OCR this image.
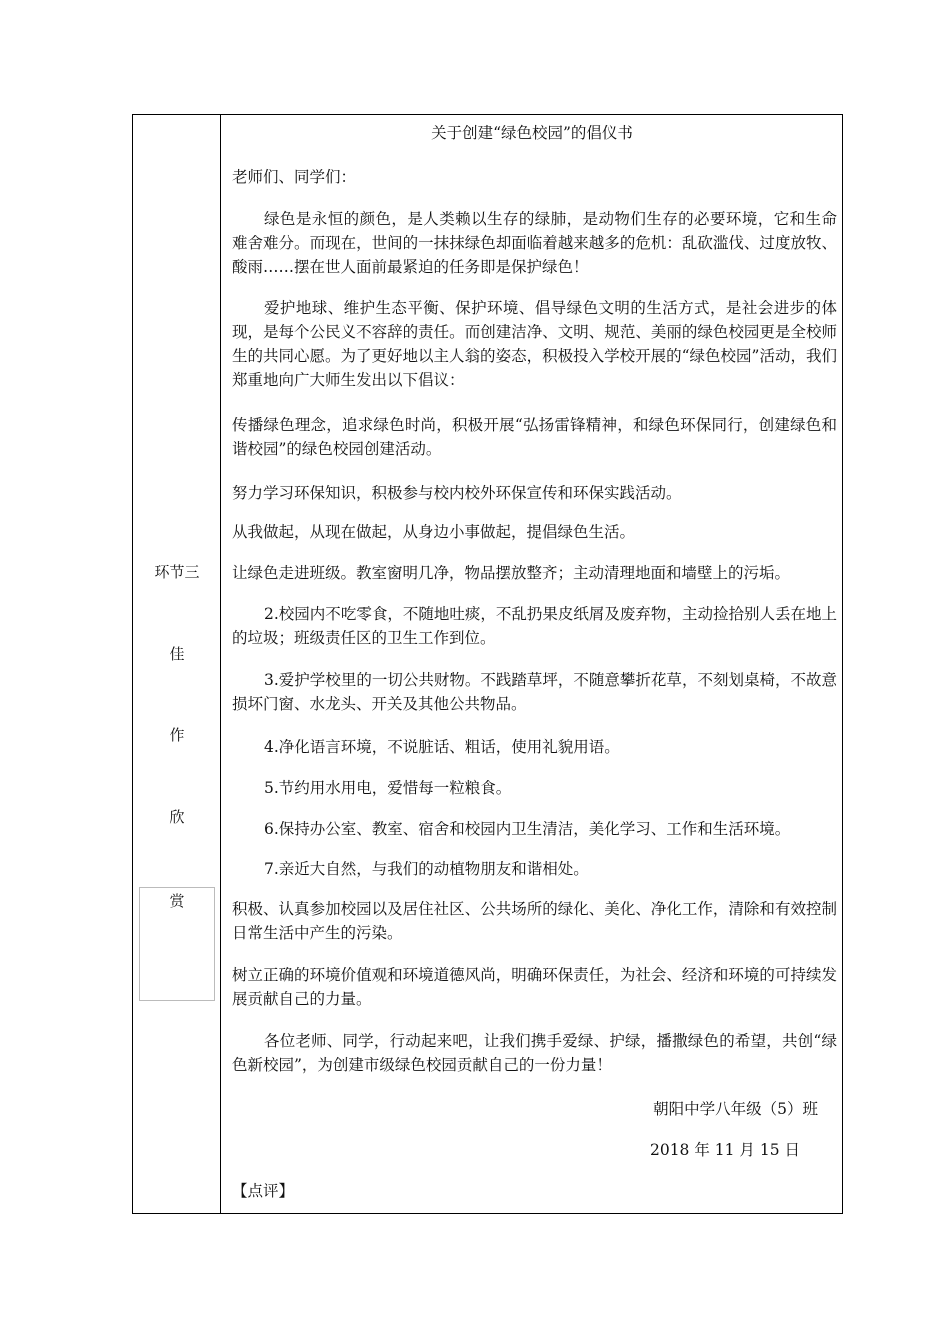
环节三
佳
作
欣
赏
关于创建“绿色校园”的倡仪书
老师们、同学们：
绿色是永恒的颜色，是人类赖以生存的绿肺，是动物们生存的必要环境，它和生命难舍难分。而现在，世间的一抹抹绿色却面临着越来越多的危机：乱砍滥伐、过度放牧、酸雨……摆在世人面前最紧迫的任务即是保护绿色！
爱护地球、维护生态平衡、保护环境、倡导绿色文明的生活方式，是社会进步的体现，是每个公民义不容辞的责任。而创建洁净、文明、规范、美丽的绿色校园更是全校师生的共同心愿。为了更好地以主人翁的姿态，积极投入学校开展的“绿色校园”活动，我们郑重地向广大师生发出以下倡议：
传播绿色理念，追求绿色时尚，积极开展“弘扬雷锋精神，和绿色环保同行，创建绿色和谐校园”的绿色校园创建活动。
努力学习环保知识，积极参与校内校外环保宣传和环保实践活动。
从我做起，从现在做起，从身边小事做起，提倡绿色生活。
让绿色走进班级。教室窗明几净，物品摆放整齐；主动清理地面和墙壁上的污垢。
2.校园内不吃零食，不随地吐痰，不乱扔果皮纸屑及废弃物，主动捡拾别人丢在地上的垃圾；班级责任区的卫生工作到位。
3.爱护学校里的一切公共财物。不践踏草坪，不随意攀折花草，不刻划桌椅，不故意损坏门窗、水龙头、开关及其他公共物品。
4.净化语言环境，不说脏话、粗话，使用礼貌用语。
5.节约用水用电，爱惜每一粒粮食。
6.保持办公室、教室、宿舍和校园内卫生清洁，美化学习、工作和生活环境。
7.亲近大自然，与我们的动植物朋友和谐相处。
积极、认真参加校园以及居住社区、公共场所的绿化、美化、净化工作，清除和有效控制日常生活中产生的污染。
树立正确的环境价值观和环境道德风尚，明确环保责任，为社会、经济和环境的可持续发展贡献自己的力量。
各位老师、同学，行动起来吧，让我们携手爱绿、护绿，播撒绿色的希望，共创“绿色新校园”，为创建市级绿色校园贡献自己的一份力量！
朝阳中学八年级（5）班
2018 年 11 月 15 日
【点评】
